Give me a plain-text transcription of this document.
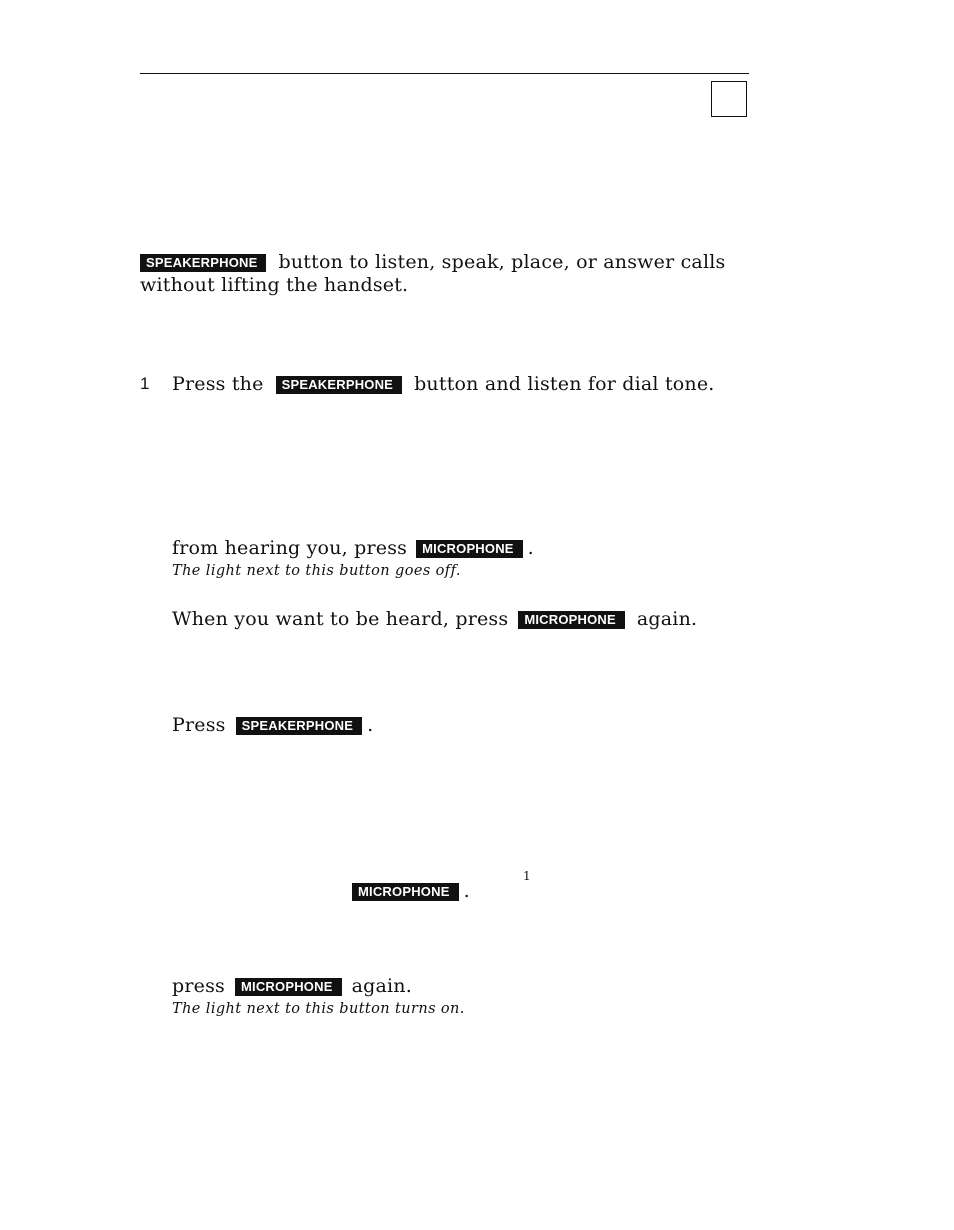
SPEAKERPHONE button to listen, speak, place, or answer calls
without lifting the handset.
1 Press the SPEAKERPHONE button and listen for dial tone.
from hearing you, press MICROPHONE .
The light next to this button goes off.
When you want to be heard, press MICROPHONE again.
Press SPEAKERPHONE .
1
MICROPHONE .
press MICROPHONE again.
The light next to this button turns on.
